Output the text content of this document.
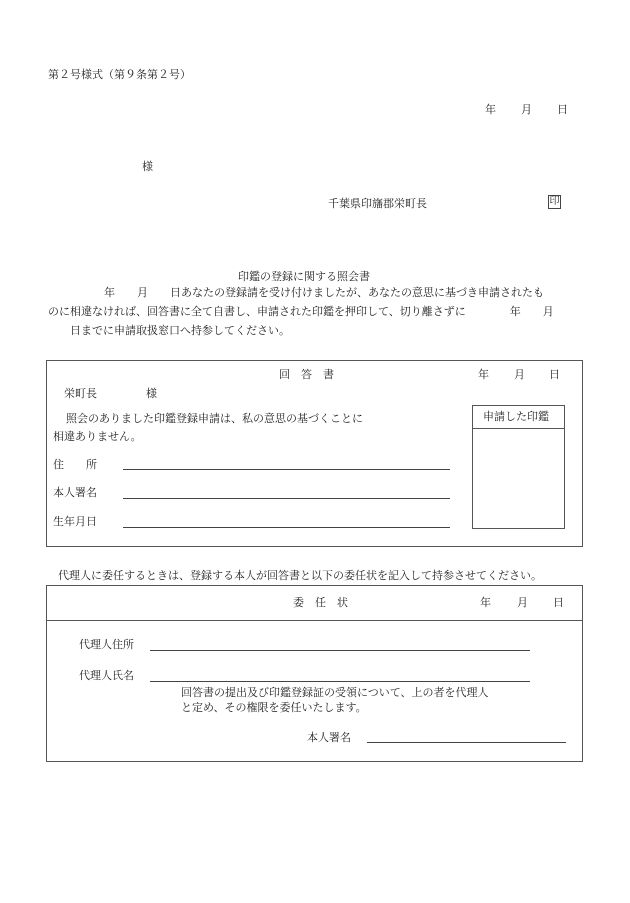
第２号様式（第９条第２号）
年 月 日
様
千葉県印旛郡栄町長	印
印鑑の登録に関する照会書
年　　月　　日あなたの登録請を受け付けましたが、あなたの意思に基づき申請されたも
のに相違なければ、回答書に全て自書し、申請された印鑑を押印して、切り離さずに　　　　年　　月
日までに申請取扱窓口へ持参してください。
回　答　書	年 月 日
栄町長	様
照会のありました印鑑登録申請は、私の意思の基づくことに
相違ありません。
住　　所
本人署名
生年月日
申請した印鑑
代理人に委任するときは、登録する本人が回答書と以下の委任状を記入して持参させてください。
委　任　状	年 月 日
代理人住所
代理人氏名
回答書の提出及び印鑑登録証の受領について、上の者を代理人
と定め、その権限を委任いたします。
本人署名
